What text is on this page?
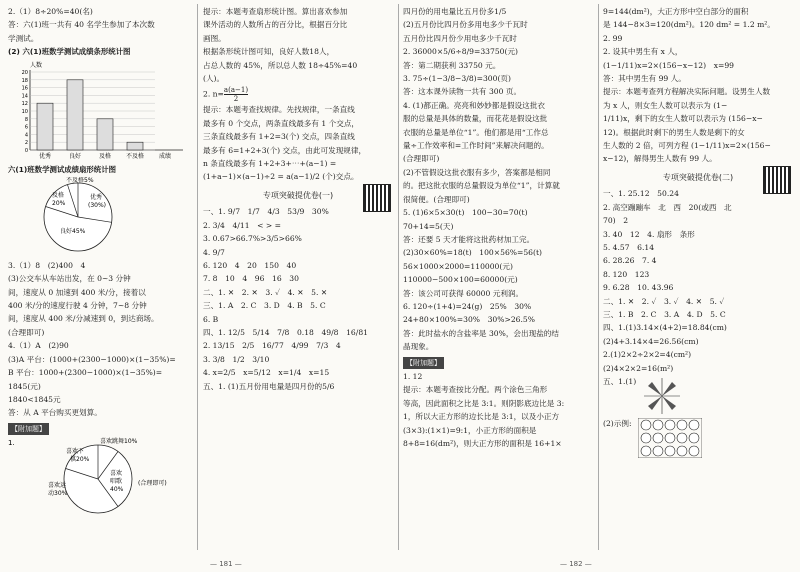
2.（1）8÷20%=40(名)

答：六(1)班一共有 40 名学生参加了本次数

学测试。

(2) 六(1)班数学测试成绩条形统计图

人数
20
18
16
14
12
10
8
6
4
2
0
优秀	良好	及格 不及格 成绩

六(1)班数学测试成绩扇形统计图

不及格5%
及格
20%
优秀
(30%)
良好45%

3.（1）8　(2)400　4

(3)公交车从车站出发，在 0~3 分钟

间，速度从 0 加速到 400 米/分，接着以

400 米/分的速度行驶 4 分钟，7~8 分钟

间，速度从 400 米/分减速到 0，到达商场。

(合理即可)

4.（1）A　(2)90

(3)A 平台：(1000+(2300−1000)×(1−35%)=

B 平台：1000+(2300−1000)×(1−35%)=

1845(元)

1840<1845元

答：从 A 平台购买更划算。

【附加题】
1.	喜欢跳舞10%
喜欢下
棋20%
喜欢
唱歌
40%
喜欢运
动30%
(合理即可)

提示：本题考查扇形统计图。算出喜欢参加

课外活动的人数所占的百分比，根据百分比

画图。

根据条形统计图可知，良好人数18人，

占总人数的 45%，所以总人数 18÷45%=40

(人)。

2. $n= \frac{a(a-1)}{2}$

提示：本题考查找规律。先找规律，一条直线

最多有 0 个交点，两条直线最多有 1 个交点，

三条直线最多有 1+2=3(个) 交点，四条直线

最多有 6=1+2+3(个) 交点，由此可发现规律，

n 条直线最多有 1+2+3+⋯+(a−1) =

(1+a−1)×(a−1)÷2 = a(a−1)/2 (个)交点。

专项突破提优卷(一)

一、1. 9/7　1/7　4/3　53/9　30%

2. 3/4　4/11　< > =

3. 0.67>66.7%>3/5>66%

4. 9/7

6. 120　4　20　150　40

7. 8　10　4　96　16　30

二、1. ✕　2. ✕　3. ✓　4. ✕　5. ✕

三、1. A　2. C　3. D　4. B　5. C

6. B

四、1. 12/5　5/14　7/8　0.18　49/8　16/81

2. 13/15　2/5　16/77　4/99　7/3　4

3. 3/8　1/2　3/10

4. x=2/5　x=5/12　x=1/4　x=15

五、1. (1)五月份用电量是四月份的5/6

四月份的用电量比五月份多1/5

(2)五月份比四月份多用电多少千瓦时

五月份比四月份少用电多少千瓦时

2. 36000×5/6÷8/9=33750(元)

答：第二期获利 33750 元。

3. 75÷(1−3/8−3/8)=300(页)

答：这本课外读物一共有 300 页。

4. (1)都正确。亮亮和妙妙都是假设这批衣

服的总量是具体的数量，而花花是假设这批

衣服的总量是单位“1”。他们都是用“工作总

量÷工作效率和=工作时间”来解决问题的。

(合理即可)

(2)不管假设这批衣服有多少，答案都是相同

的。把这批衣服的总量假设为单位“1”，计算就

很简便。(合理即可)

5. (1)6×5×30(t)　100−30=70(t)

70+14=5(天)

答：还要 5 天才能将这批药材加工完。

(2)30×60%=18(t)　100×56%=56(t)

56×1000×2000=110000(元)

110000−500×100=60000(元)

答：该公司可获得 60000 元利润。

6. 120÷(1+4)=24(g)　25%　30%

24+80×100%=30%　30%>26.5%

答：此时盐水的含盐率是 30%，会出现盐的结

晶现象。

【附加题】

1. 12

提示：本题考查按比分配。两个涂色三角形

等高，因此面积之比是 3:1。则阴影底边比是 3:

1，所以大正方形的边长比是 3:1，以及小正方

(3×3):(1×1)=9:1，小正方形的面积是

8+8=16(dm²)，则大正方形的面积是 16+1×

9=144(dm²)，大正方形中空白部分的面积

是 144−8×3=120(dm²)。120 dm² = 1.2 m²。

2. 99

2. 设其中男生有 x 人，

(1−1/11)x=2×(156−x−12)　x=99

答：其中男生有 99 人。

提示：本题考查列方程解决实际问题。设男生人数

为 x 人，则女生人数可以表示为 (1−

1/11)x，剩下的女生人数可以表示为 (156−x−

12)。根据此时剩下的男生人数是剩下的女

生人数的 2 倍，可列方程 (1−1/11)x=2×(156−

x−12)，解得男生人数有 99 人。

专项突破提优卷(二)

一、1. 25.12　50.24

2. 高空蹦蹦车　北　西　20(或西　北

70)　2

3. 40　12　4. 扇形　条形

5. 4.57　6.14

6. 28.26　7. 4

8. 120　123

9. 6.28　10. 43.96

二、1. ✕　2. ✓　3. ✓　4. ✕　5. ✓

三、1. B　2. C　3. A　4. D　5. C

四、1.(1)3.14×(4+2)=18.84(cm)

(2)4+3.14×4=26.56(cm)

2.(1)2×2÷2×2=4(cm²)

(2)4×2×2=16(m²)

五、1.(1)
(2)示例:
— 181 —	— 182 —
